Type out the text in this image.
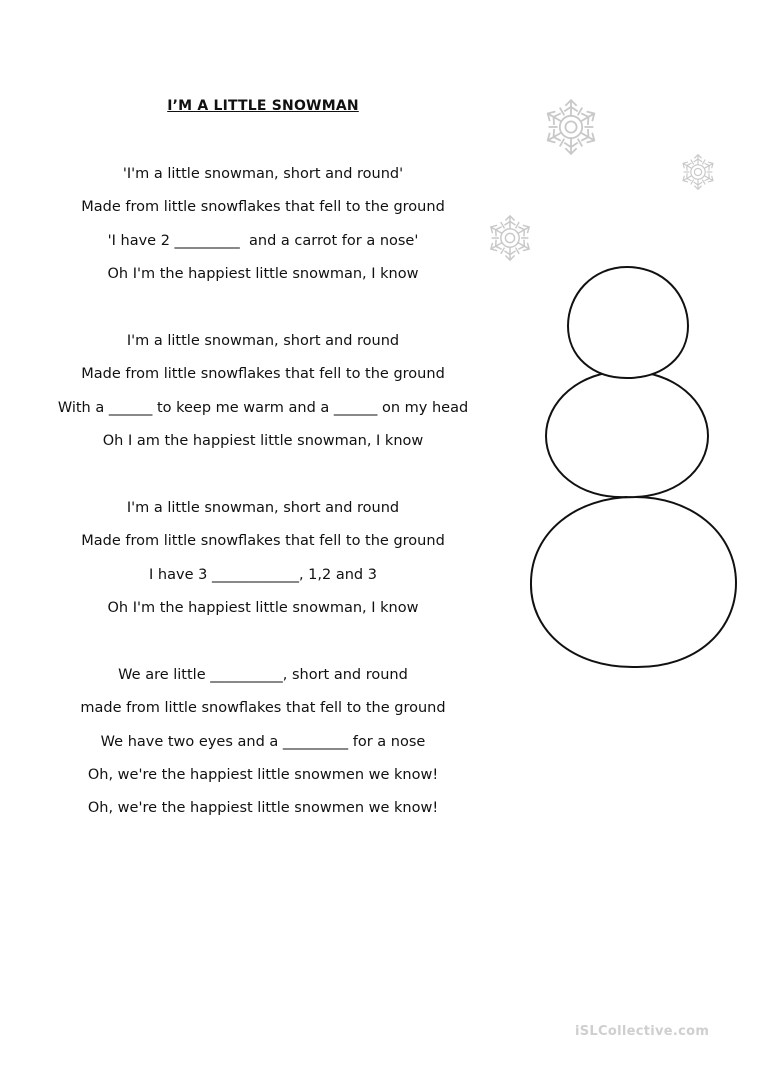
I’M A LITTLE SNOWMAN
'I'm a little snowman, short and round'
Made from little snowflakes that fell to the ground
'I have 2 _________  and a carrot for a nose'
Oh I'm the happiest little snowman, I know
I'm a little snowman, short and round
Made from little snowflakes that fell to the ground
With a ______ to keep me warm and a ______ on my head
Oh I am the happiest little snowman, I know
I'm a little snowman, short and round
Made from little snowflakes that fell to the ground
I have 3 ____________, 1,2 and 3
Oh I'm the happiest little snowman, I know
We are little __________, short and round
made from little snowflakes that fell to the ground
We have two eyes and a _________ for a nose
Oh, we're the happiest little snowmen we know!
Oh, we're the happiest little snowmen we know!
iSLCollective.com
